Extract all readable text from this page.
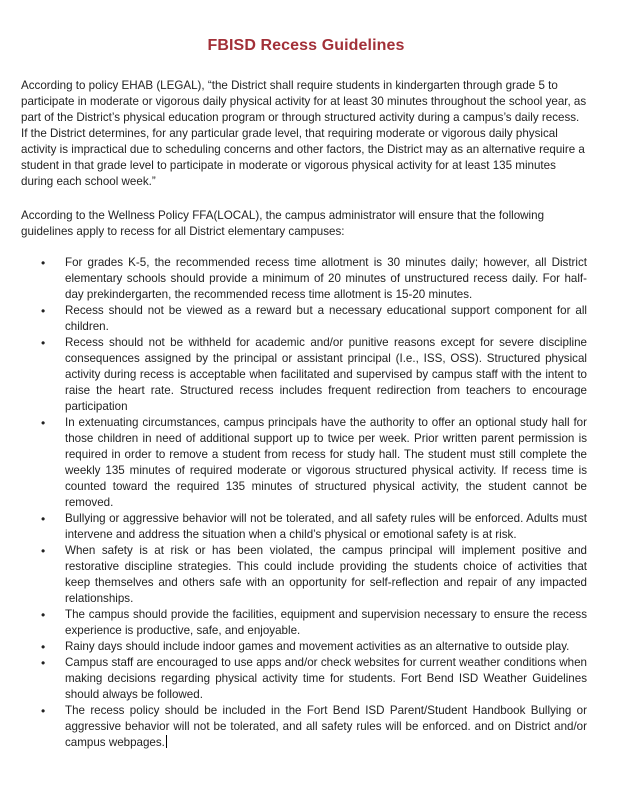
FBISD Recess Guidelines

According to policy EHAB (LEGAL), “the District shall require students in kindergarten through grade 5 to participate in moderate or vigorous daily physical activity for at least 30 minutes throughout the school year, as part of the District’s physical education program or through structured activity during a campus’s daily recess. If the District determines, for any particular grade level, that requiring moderate or vigorous daily physical activity is impractical due to scheduling concerns and other factors, the District may as an alternative require a student in that grade level to participate in moderate or vigorous physical activity for at least 135 minutes during each school week.”

According to the Wellness Policy FFA(LOCAL), the campus administrator will ensure that the following guidelines apply to recess for all District elementary campuses:

• For grades K-5, the recommended recess time allotment is 30 minutes daily; however, all District elementary schools should provide a minimum of 20 minutes of unstructured recess daily. For half-day prekindergarten, the recommended recess time allotment is 15-20 minutes.
• Recess should not be viewed as a reward but a necessary educational support component for all children.
• Recess should not be withheld for academic and/or punitive reasons except for severe discipline consequences assigned by the principal or assistant principal (I.e., ISS, OSS). Structured physical activity during recess is acceptable when facilitated and supervised by campus staff with the intent to raise the heart rate. Structured recess includes frequent redirection from teachers to encourage participation
• In extenuating circumstances, campus principals have the authority to offer an optional study hall for those children in need of additional support up to twice per week. Prior written parent permission is required in order to remove a student from recess for study hall. The student must still complete the weekly 135 minutes of required moderate or vigorous structured physical activity. If recess time is counted toward the required 135 minutes of structured physical activity, the student cannot be removed.
• Bullying or aggressive behavior will not be tolerated, and all safety rules will be enforced. Adults must intervene and address the situation when a child’s physical or emotional safety is at risk.
• When safety is at risk or has been violated, the campus principal will implement positive and restorative discipline strategies. This could include providing the students choice of activities that keep themselves and others safe with an opportunity for self-reflection and repair of any impacted relationships.
• The campus should provide the facilities, equipment and supervision necessary to ensure the recess experience is productive, safe, and enjoyable.
• Rainy days should include indoor games and movement activities as an alternative to outside play.
• Campus staff are encouraged to use apps and/or check websites for current weather conditions when making decisions regarding physical activity time for students. Fort Bend ISD Weather Guidelines should always be followed.
• The recess policy should be included in the Fort Bend ISD Parent/Student Handbook Bullying or aggressive behavior will not be tolerated, and all safety rules will be enforced. and on District and/or campus webpages.
